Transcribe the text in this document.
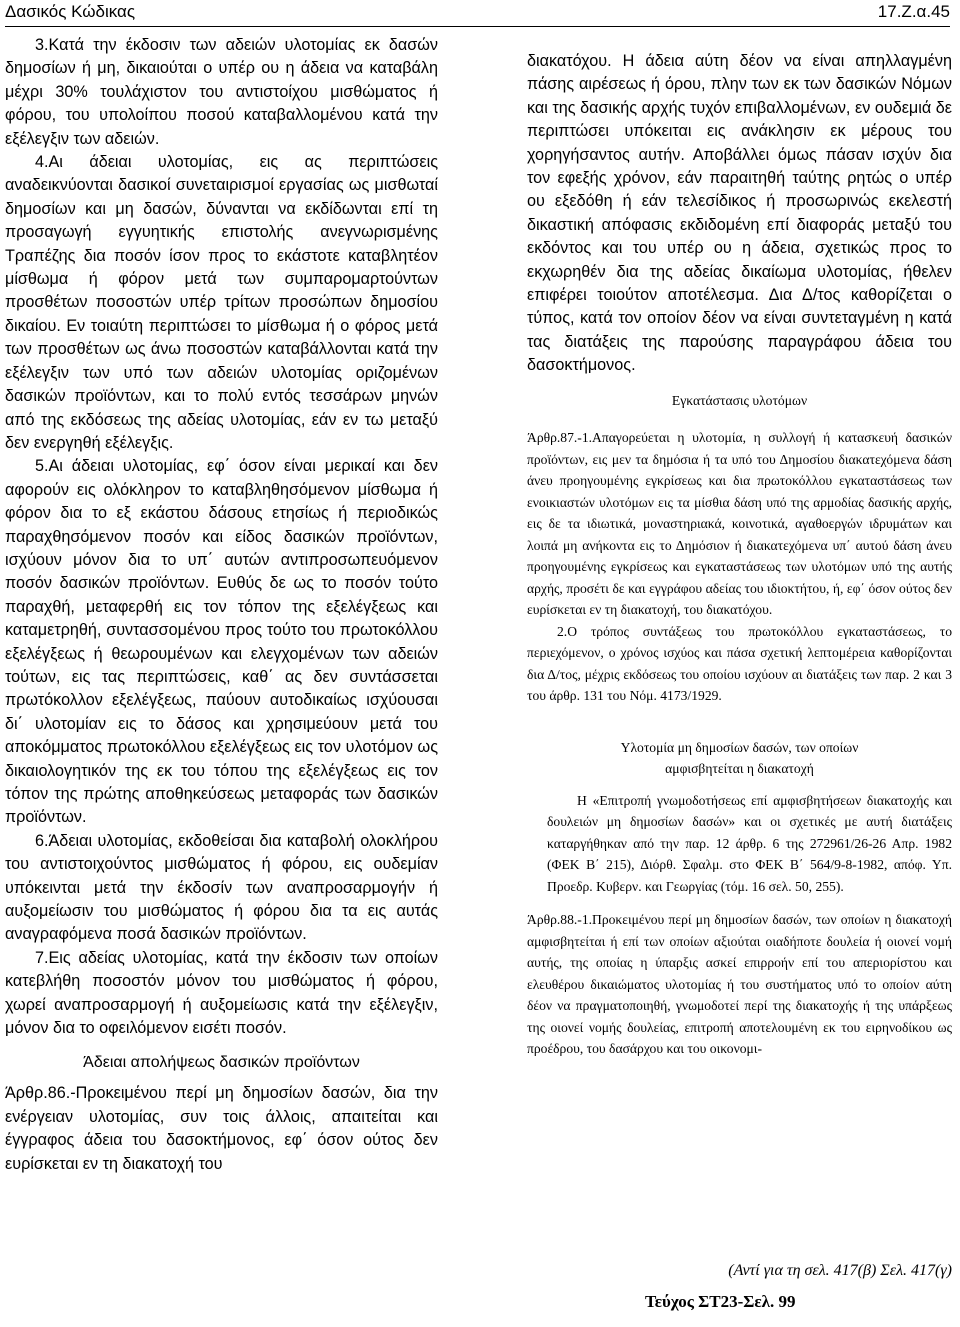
Δασικός Κώδικας	17.Ζ.α.45

3.Κατά την έκδοσιν των αδειών υλοτομίας εκ δασών δημοσίων ή μη, δικαιούται ο υπέρ ου η άδεια να καταβάλη μέχρι 30% τουλάχιστον του αντιστοίχου μισθώματος ή φόρου, του υπολοίπου ποσού καταβαλλομένου κατά την εξέλεγξιν των αδειών.

4.Αι άδειαι υλοτομίας, εις ας περιπτώσεις αναδεικνύονται δασικοί συνεταιρισμοί εργασίας ως μισθωταί δημοσίων και μη δασών, δύνανται να εκδίδωνται επί τη προσαγωγή εγγυητικής επιστολής ανεγνωρισμένης Τραπέζης δια ποσόν ίσον προς το εκάστοτε καταβλητέον μίσθωμα ή φόρον μετά των συμπαρομαρτούντων προσθέτων ποσοστών υπέρ τρίτων προσώπων δημοσίου δικαίου. Εν τοιαύτη περιπτώσει το μίσθωμα ή ο φόρος μετά των προσθέτων ως άνω ποσοστών καταβάλλονται κατά την εξέλεγξιν των υπό των αδειών υλοτομίας οριζομένων δασικών προϊόντων, και το πολύ εντός τεσσάρων μηνών από της εκδόσεως της αδείας υλοτομίας, εάν εν τω μεταξύ δεν ενεργηθή εξέλεγξις.

5.Αι άδειαι υλοτομίας, εφ΄ όσον είναι μερικαί και δεν αφορούν εις ολόκληρον το καταβληθησόμενον μίσθωμα ή φόρον δια το εξ εκάστου δάσους ετησίως ή περιοδικώς παραχθησόμενον ποσόν και είδος δασικών προϊόντων, ισχύουν μόνον δια το υπ΄ αυτών αντιπροσωπευόμενον ποσόν δασικών προϊόντων. Ευθύς δε ως το ποσόν τούτο παραχθή, μεταφερθή εις τον τόπον της εξελέγξεως και καταμετρηθή, συντασσομένου προς τούτο του πρωτοκόλλου εξελέγξεως ή θεωρουμένων και ελεγχομένων των αδειών τούτων, εις τας περιπτώσεις, καθ΄ ας δεν συντάσσεται πρωτόκολλον εξελέγξεως, παύουν αυτοδικαίως ισχύουσαι δι΄ υλοτομίαν εις το δάσος και χρησιμεύουν μετά του αποκόμματος πρωτοκόλλου εξελέγξεως εις τον υλοτόμον ως δικαιολογητικόν της εκ του τόπου της εξελέγξεως εις τον τόπον της πρώτης αποθηκεύσεως μεταφοράς των δασικών προϊόντων.

6.Άδειαι υλοτομίας, εκδοθείσαι δια καταβολή ολοκλήρου του αντιστοιχούντος μισθώματος ή φόρου, εις ουδεμίαν υπόκεινται μετά την έκδοσίν των αναπροσαρμογήν ή αυξομείωσιν του μισθώματος ή φόρου δια τα εις αυτάς αναγραφόμενα ποσά δασικών προϊόντων.

7.Εις αδείας υλοτομίας, κατά την έκδοσιν των οποίων κατεβλήθη ποσοστόν μόνον του μισθώματος ή φόρου, χωρεί αναπροσαρμογή ή αυξομείωσις κατά την εξέλεγξιν, μόνον δια το οφειλόμενον εισέτι ποσόν.

Άδειαι απολήψεως δασικών προϊόντων

Άρθρ.86.-Προκειμένου περί μη δημοσίων δασών, δια την ενέργειαν υλοτομίας, συν τοις άλλοις, απαιτείται και έγγραφος άδεια του δασοκτήμονος, εφ΄ όσον ούτος δεν ευρίσκεται εν τη διακατοχή του

διακατόχου. Η άδεια αύτη δέον να είναι απηλλαγμένη πάσης αιρέσεως ή όρου, πλην των εκ των δασικών Νόμων και της δασικής αρχής τυχόν επιβαλλομένων, εν ουδεμιά δε περιπτώσει υπόκειται εις ανάκλησιν εκ μέρους του χορηγήσαντος αυτήν. Αποβάλλει όμως πάσαν ισχύν δια τον εφεξής χρόνον, εάν παραιτηθή ταύτης ρητώς ο υπέρ ου εξεδόθη ή εάν τελεσίδικος ή προσωρινώς εκελεστή δικαστική απόφασις εκδιδομένη επί διαφοράς μεταξύ του εκδόντος και του υπέρ ου η άδεια, σχετικώς προς το εκχωρηθέν δια της αδείας δικαίωμα υλοτομίας, ήθελεν επιφέρει τοιούτον αποτέλεσμα. Δια Δ/τος καθορίζεται ο τύπος, κατά τον οποίον δέον να είναι συντεταγμένη η κατά τας διατάξεις της παρούσης παραγράφου άδεια του δασοκτήμονος.

Εγκατάστασις υλοτόμων

Άρθρ.87.-1.Απαγορεύεται η υλοτομία, η συλλογή ή κατασκευή δασικών προϊόντων, εις μεν τα δημόσια ή τα υπό του Δημοσίου διακατεχόμενα δάση άνευ προηγουμένης εγκρίσεως και δια πρωτοκόλλου εγκαταστάσεως των ενοικιαστών υλοτόμων εις τα μίσθια δάση υπό της αρμοδίας δασικής αρχής, εις δε τα ιδιωτικά, μοναστηριακά, κοινοτικά, αγαθοεργών ιδρυμάτων και λοιπά μη ανήκοντα εις το Δημόσιον ή διακατεχόμενα υπ΄ αυτού δάση άνευ προηγουμένης εγκρίσεως και εγκαταστάσεως των υλοτόμων υπό της αυτής αρχής, προσέτι δε και εγγράφου αδείας του ιδιοκτήτου, ή, εφ΄ όσον ούτος δεν ευρίσκεται εν τη διακατοχή, του διακατόχου.

2.Ο τρόπος συντάξεως του πρωτοκόλλου εγκαταστάσεως, το περιεχόμενον, ο χρόνος ισχύος και πάσα σχετική λεπτομέρεια καθορίζονται δια Δ/τος, μέχρις εκδόσεως του οποίου ισχύουν αι διατάξεις των παρ. 2 και 3 του άρθρ. 131 του Νόμ. 4173/1929.

Υλοτομία μη δημοσίων δασών, των οποίων
αμφισβητείται η διακατοχή

Η «Επιτροπή γνωμοδοτήσεως επί αμφισβητήσεων διακατοχής και δουλειών μη δημοσίων δασών» και οι σχετικές με αυτή διατάξεις καταργήθηκαν από την παρ. 12 άρθρ. 6 της 272961/26-26 Απρ. 1982 (ΦΕΚ Β΄ 215), Διόρθ. Σφαλμ. στο ΦΕΚ Β΄ 564/9-8-1982, απόφ. Υπ. Προεδρ. Κυβερν. και Γεωργίας (τόμ. 16 σελ. 50, 255).

Άρθρ.88.-1.Προκειμένου περί μη δημοσίων δασών, των οποίων η διακατοχή αμφισβητείται ή επί των οποίων αξιούται οιαδήποτε δουλεία ή οιονεί νομή αυτής, της οποίας η ύπαρξις ασκεί επιρροήν επί του απεριορίστου και ελευθέρου δικαιώματος υλοτομίας ή του συστήματος υπό το οποίον αύτη δέον να πραγματοποιηθή, γνωμοδοτεί περί της διακατοχής ή της υπάρξεως της οιονεί νομής δουλείας, επιτροπή αποτελουμένη εκ του ειρηνοδίκου ως προέδρου, του δασάρχου και του οικονομι-

(Αντί για τη σελ. 417(β) Σελ. 417(γ)
Τεύχος ΣΤ23-Σελ. 99
